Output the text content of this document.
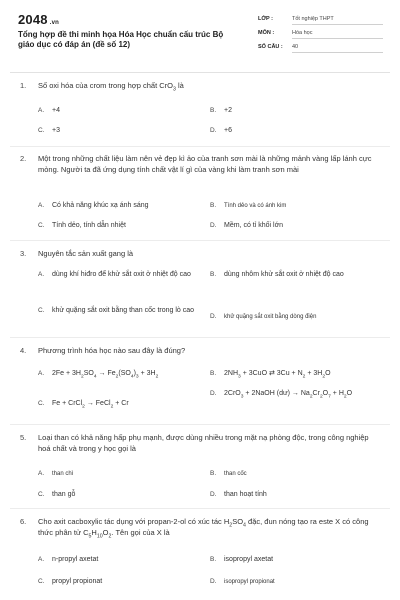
2048 .vn
Tổng hợp đề thi minh họa Hóa Học chuẩn cấu trúc Bộ giáo dục có đáp án (đề số 12)
LỚP :	Tốt nghiệp THPT
MÔN :	Hóa học
SỐ CÂU : 40
1. Số oxi hóa của crom trong hợp chất CrO$_3$ là
A. +4	B. +2
C. +3	D. +6
2. Một trong những chất liệu làm nên vẻ đẹp kì ảo của tranh sơn mài là những mảnh vàng lấp lánh cực mỏng. Người ta đã ứng dụng tính chất vật lí gì của vàng khi làm tranh sơn mài
A. Có khả năng khúc xạ ánh sáng	B. Tính dẻo và có ánh kim
C. Tính dẻo, tính dẫn nhiệt	D. Mềm, có tỉ khối lớn
3. Nguyên tắc sản xuất gang là
A. dùng khí hiđro để khử sắt oxit ở nhiệt độ cao	B. dùng nhôm khử sắt oxit ở nhiệt độ cao
C. khử quặng sắt oxit bằng than cốc trong lò cao
D. khử quặng sắt oxit bằng dòng điện
4. Phương trình hóa học nào sau đây là đúng?
A. $2Fe + 3H_2SO_4 \to Fe_2(SO_4)_3 + 3H_2$	B. $2NH_3 + 3CuO$ ⇄ $3Cu + N_2 + 3H_2O$
C. Fe + CrCl$_2$ → FeCl$_2$ + Cr
D. 2CrO$_3$ + 2NaOH (dư) → $Na_2Cr_2O_7 + H_2O$
5. Loại than có khả năng hấp phụ mạnh, được dùng nhiều trong mặt nạ phòng độc, trong công nghiệp hoá chất và trong y học gọi là
A. than chì	B. than cốc
C. than gỗ	D. than hoạt tính
6. Cho axit cacboxylic tác dụng với propan-2-ol có xúc tác $H_2SO_4$ đặc, đun nóng tạo ra este X có công thức phân tử $C_5H_{10}O_2$. Tên gọi của X là
A. n-propyl axetat	B. isopropyl axetat
C. propyl propionat	D. isopropyl propionat
